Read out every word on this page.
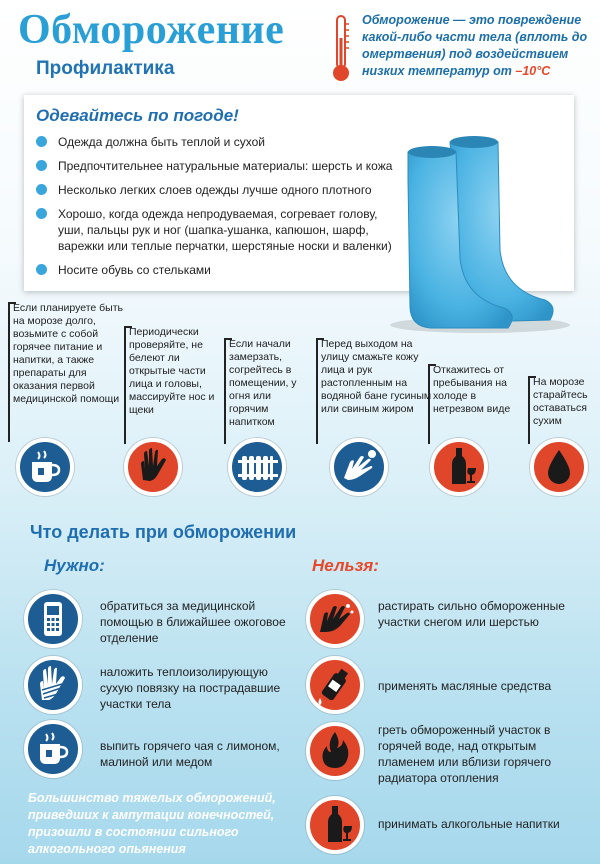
Обморожение
Профилактика
Обморожение — это повреждение какой-либо части тела (вплоть до омертвения) под воздействием низких температур от –10°С
Одевайтесь по погоде!
Одежда должна быть теплой и сухой
Предпочтительнее натуральные материалы: шерсть и кожа
Несколько легких слоев одежды лучше одного плотного
Хорошо, когда одежда непродуваемая, согревает голову, уши, пальцы рук и ног (шапка-ушанка, капюшон, шарф, варежки или теплые перчатки, шерстяные носки и валенки)
Носите обувь со стельками
Если планируете быть на морозе долго, возьмите с собой горячее питание и напитки, а также препараты для оказания первой медицинской помощи
Периодически проверяйте, не белеют ли открытые части лица и головы, массируйте нос и щеки
Если начали замерзать, согрейтесь в помещении, у огня или горячим напитком
Перед выходом на улицу смажьте кожу лица и рук растопленным на водяной бане гусиным или свиным жиром
Откажитесь от пребывания на холоде в нетрезвом виде
На морозе старайтесь оставаться сухим
Что делать при обморожении
Нужно:	Нельзя:
обратиться за медицинской помощью в ближайшее ожоговое отделение
наложить теплоизолирующую сухую повязку на пострадавшие участки тела
выпить горячего чая с лимоном, малиной или медом
растирать сильно обмороженные участки снегом или шерстью
применять масляные средства
греть обмороженный участок в горячей воде, над открытым пламенем или вблизи горячего радиатора отопления
принимать алкогольные напитки
Большинство тяжелых обморожений, приведших к ампутации конечностей, призошли в состоянии сильного алкогольного опьянения
